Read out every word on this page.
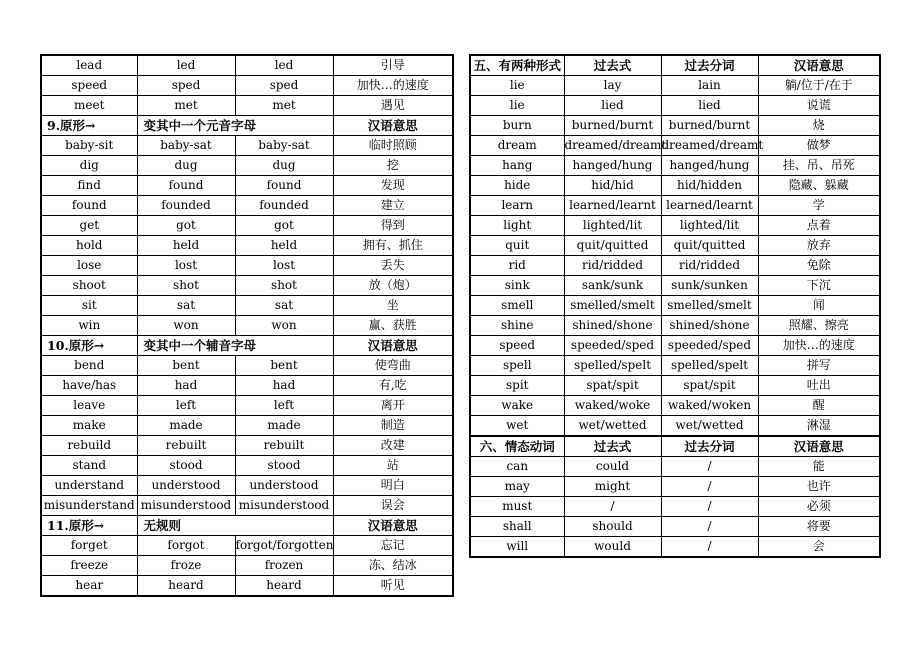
lead	led	led	引导
speed	sped	sped	加快…的速度
meet	met	met	遇见
9.原形→	变其中一个元音字母		汉语意思
baby-sit	baby-sat	baby-sat	临时照顾
dig	dug	dug	挖
find	found	found	发现
found	founded	founded	建立
get	got	got	得到
hold	held	held	拥有、抓住
lose	lost	lost	丢失
shoot	shot	shot	放（炮）
sit	sat	sat	坐
win	won	won	赢、获胜
10.原形→	变其中一个辅音字母		汉语意思
bend	bent	bent	使弯曲
have/has	had	had	有,吃
leave	left	left	离开
make	made	made	制造
rebuild	rebuilt	rebuilt	改建
stand	stood	stood	站
understand	understood	understood	明白
misunderstand	misunderstood	misunderstood	误会
11.原形→	无规则		汉语意思
forget	forgot	forgot/forgotten	忘记
freeze	froze	frozen	冻、结冰
hear	heard	heard	听见
五、有两种形式	过去式	过去分词	汉语意思
lie	lay	lain	躺/位于/在于
lie	lied	lied	说谎
burn	burned/burnt	burned/burnt	烧
dream	dreamed/dreamt	dreamed/dreamt	做梦
hang	hanged/hung	hanged/hung	挂、吊、吊死
hide	hid/hid	hid/hidden	隐藏、躲藏
learn	learned/learnt	learned/learnt	学
light	lighted/lit	lighted/lit	点着
quit	quit/quitted	quit/quitted	放弃
rid	rid/ridded	rid/ridded	免除
sink	sank/sunk	sunk/sunken	下沉
smell	smelled/smelt	smelled/smelt	闻
shine	shined/shone	shined/shone	照耀、擦亮
speed	speeded/sped	speeded/sped	加快…的速度
spell	spelled/spelt	spelled/spelt	拼写
spit	spat/spit	spat/spit	吐出
wake	waked/woke	waked/woken	醒
wet	wet/wetted	wet/wetted	淋湿
六、情态动词	过去式	过去分词	汉语意思
can	could	/	能
may	might	/	也许
must	/	/	必须
shall	should	/	将要
will	would	/	会
